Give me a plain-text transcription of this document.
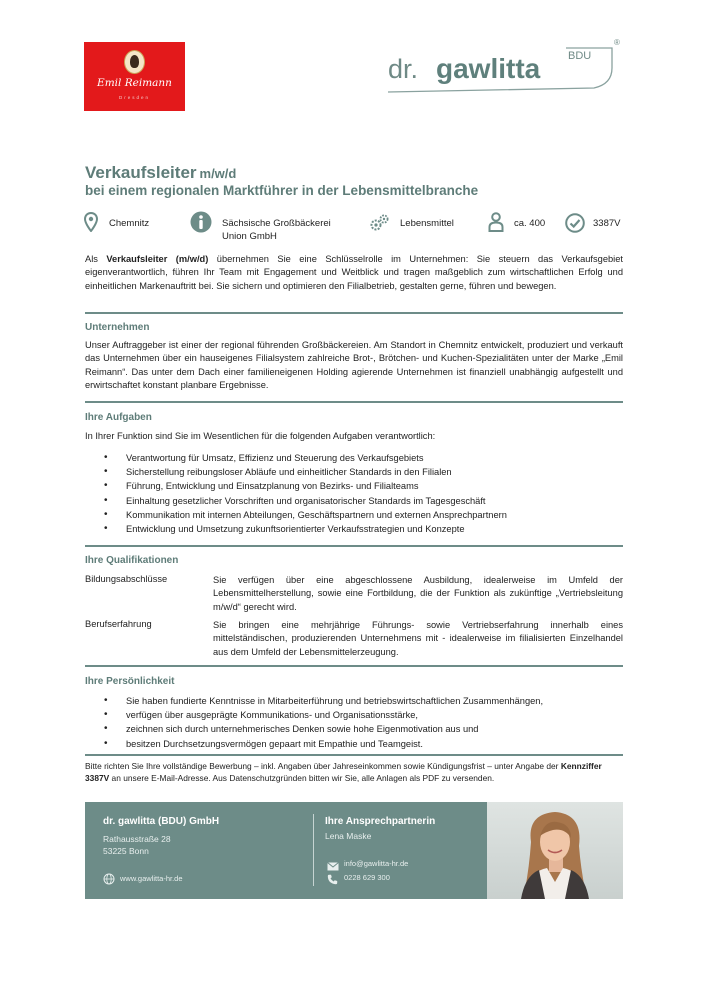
Emil Reimann
Dresden
dr. gawlitta	BDU
®
Verkaufsleiter m/w/d
bei einem regionalen Marktführer in der Lebensmittelbranche
Chemnitz	Sächsische Großbäckerei
Union GmbH
Lebensmittel	ca. 400	3387V
Als Verkaufsleiter (m/w/d) übernehmen Sie eine Schlüsselrolle im Unternehmen: Sie steuern das Verkaufsgebiet eigenverantwortlich, führen Ihr Team mit Engagement und Weitblick und tragen maßgeblich zum wirtschaftlichen Erfolg und einheitlichen Markenauftritt bei. Sie sichern und optimieren den Filialbetrieb, gestalten gerne, führen und bewegen.
Unternehmen
Unser Auftraggeber ist einer der regional führenden Großbäckereien. Am Standort in Chemnitz entwickelt, produziert und verkauft das Unternehmen über ein hauseigenes Filialsystem zahlreiche Brot-, Brötchen- und Kuchen-Spezialitäten unter der Marke „Emil Reimann“. Das unter dem Dach einer familieneigenen Holding agierende Unternehmen ist finanziell unabhängig aufgestellt und erwirtschaftet konstant planbare Ergebnisse.
Ihre Aufgaben
In Ihrer Funktion sind Sie im Wesentlichen für die folgenden Aufgaben verantwortlich:
• Verantwortung für Umsatz, Effizienz und Steuerung des Verkaufsgebiets
• Sicherstellung reibungsloser Abläufe und einheitlicher Standards in den Filialen
• Führung, Entwicklung und Einsatzplanung von Bezirks- und Filialteams
• Einhaltung gesetzlicher Vorschriften und organisatorischer Standards im Tagesgeschäft
• Kommunikation mit internen Abteilungen, Geschäftspartnern und externen Ansprechpartnern
• Entwicklung und Umsetzung zukunftsorientierter Verkaufsstrategien und Konzepte
Ihre Qualifikationen
Bildungsabschlüsse	Sie verfügen über eine abgeschlossene Ausbildung, idealerweise im Umfeld der Lebensmittelherstellung, sowie eine Fortbildung, die der Funktion als zukünftige „Vertriebsleitung m/w/d“ gerecht wird.
Berufserfahrung	Sie bringen eine mehrjährige Führungs- sowie Vertriebserfahrung innerhalb eines mittelständischen, produzierenden Unternehmens mit - idealerweise im filialisierten Einzelhandel aus dem Umfeld der Lebensmittelerzeugung.
Ihre Persönlichkeit
• Sie haben fundierte Kenntnisse in Mitarbeiterführung und betriebswirtschaftlichen Zusammenhängen,
• verfügen über ausgeprägte Kommunikations- und Organisationsstärke,
• zeichnen sich durch unternehmerisches Denken sowie hohe Eigenmotivation aus und
• besitzen Durchsetzungsvermögen gepaart mit Empathie und Teamgeist.
Bitte richten Sie Ihre vollständige Bewerbung – inkl. Angaben über Jahreseinkommen sowie Kündigungsfrist – unter Angabe der Kennziffer 3387V an unsere E-Mail-Adresse. Aus Datenschutzgründen bitten wir Sie, alle Anlagen als PDF zu versenden.
dr. gawlitta (BDU) GmbH
Rathausstraße 28
53225 Bonn
www.gawlitta-hr.de
Ihre Ansprechpartnerin
Lena Maske
info@gawlitta-hr.de
0228 629 300
